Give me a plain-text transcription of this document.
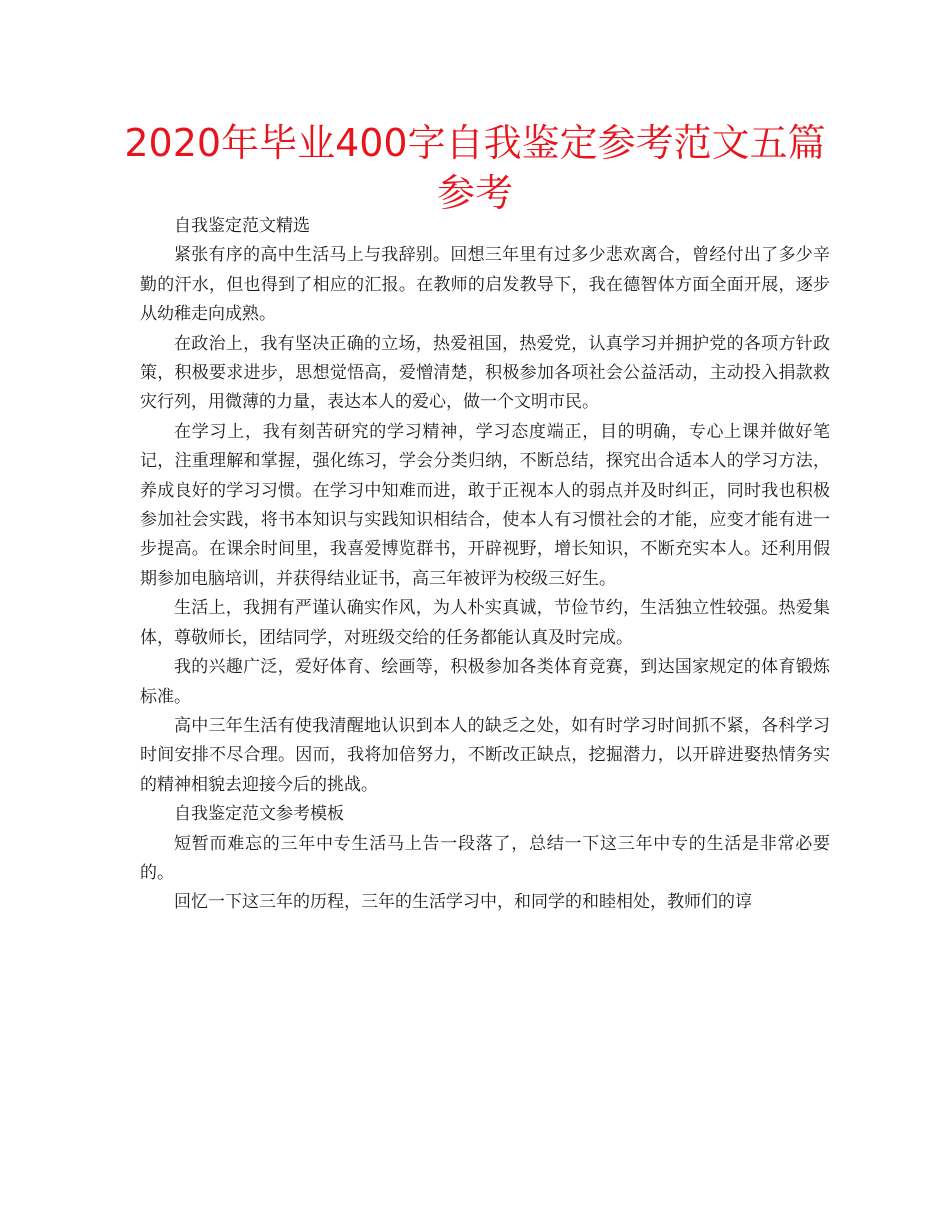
2020年毕业400字自我鉴定参考范文五篇
参考

自我鉴定范文精选

紧张有序的高中生活马上与我辞别。回想三年里有过多少悲欢离合，曾经付出了多少辛勤的汗水，但也得到了相应的汇报。在教师的启发教导下，我在德智体方面全面开展，逐步从幼稚走向成熟。

在政治上，我有坚决正确的立场，热爱祖国，热爱党，认真学习并拥护党的各项方针政策，积极要求进步，思想觉悟高，爱憎清楚，积极参加各项社会公益活动，主动投入捐款救灾行列，用微薄的力量，表达本人的爱心，做一个文明市民。

在学习上，我有刻苦研究的学习精神，学习态度端正，目的明确，专心上课并做好笔记，注重理解和掌握，强化练习，学会分类归纳，不断总结，探究出合适本人的学习方法，养成良好的学习习惯。在学习中知难而进，敢于正视本人的弱点并及时纠正，同时我也积极参加社会实践，将书本知识与实践知识相结合，使本人有习惯社会的才能，应变才能有进一步提高。在课余时间里，我喜爱博览群书，开辟视野，增长知识，不断充实本人。还利用假期参加电脑培训，并获得结业证书，高三年被评为校级三好生。

生活上，我拥有严谨认确实作风，为人朴实真诚，节俭节约，生活独立性较强。热爱集体，尊敬师长，团结同学，对班级交给的任务都能认真及时完成。

我的兴趣广泛，爱好体育、绘画等，积极参加各类体育竞赛，到达国家规定的体育锻炼标准。

高中三年生活有使我清醒地认识到本人的缺乏之处，如有时学习时间抓不紧，各科学习时间安排不尽合理。因而，我将加倍努力，不断改正缺点，挖掘潜力，以开辟进娶热情务实的精神相貌去迎接今后的挑战。

自我鉴定范文参考模板

短暂而难忘的三年中专生活马上告一段落了，总结一下这三年中专的生活是非常必要的。

回忆一下这三年的历程，三年的生活学习中，和同学的和睦相处，教师们的谆
